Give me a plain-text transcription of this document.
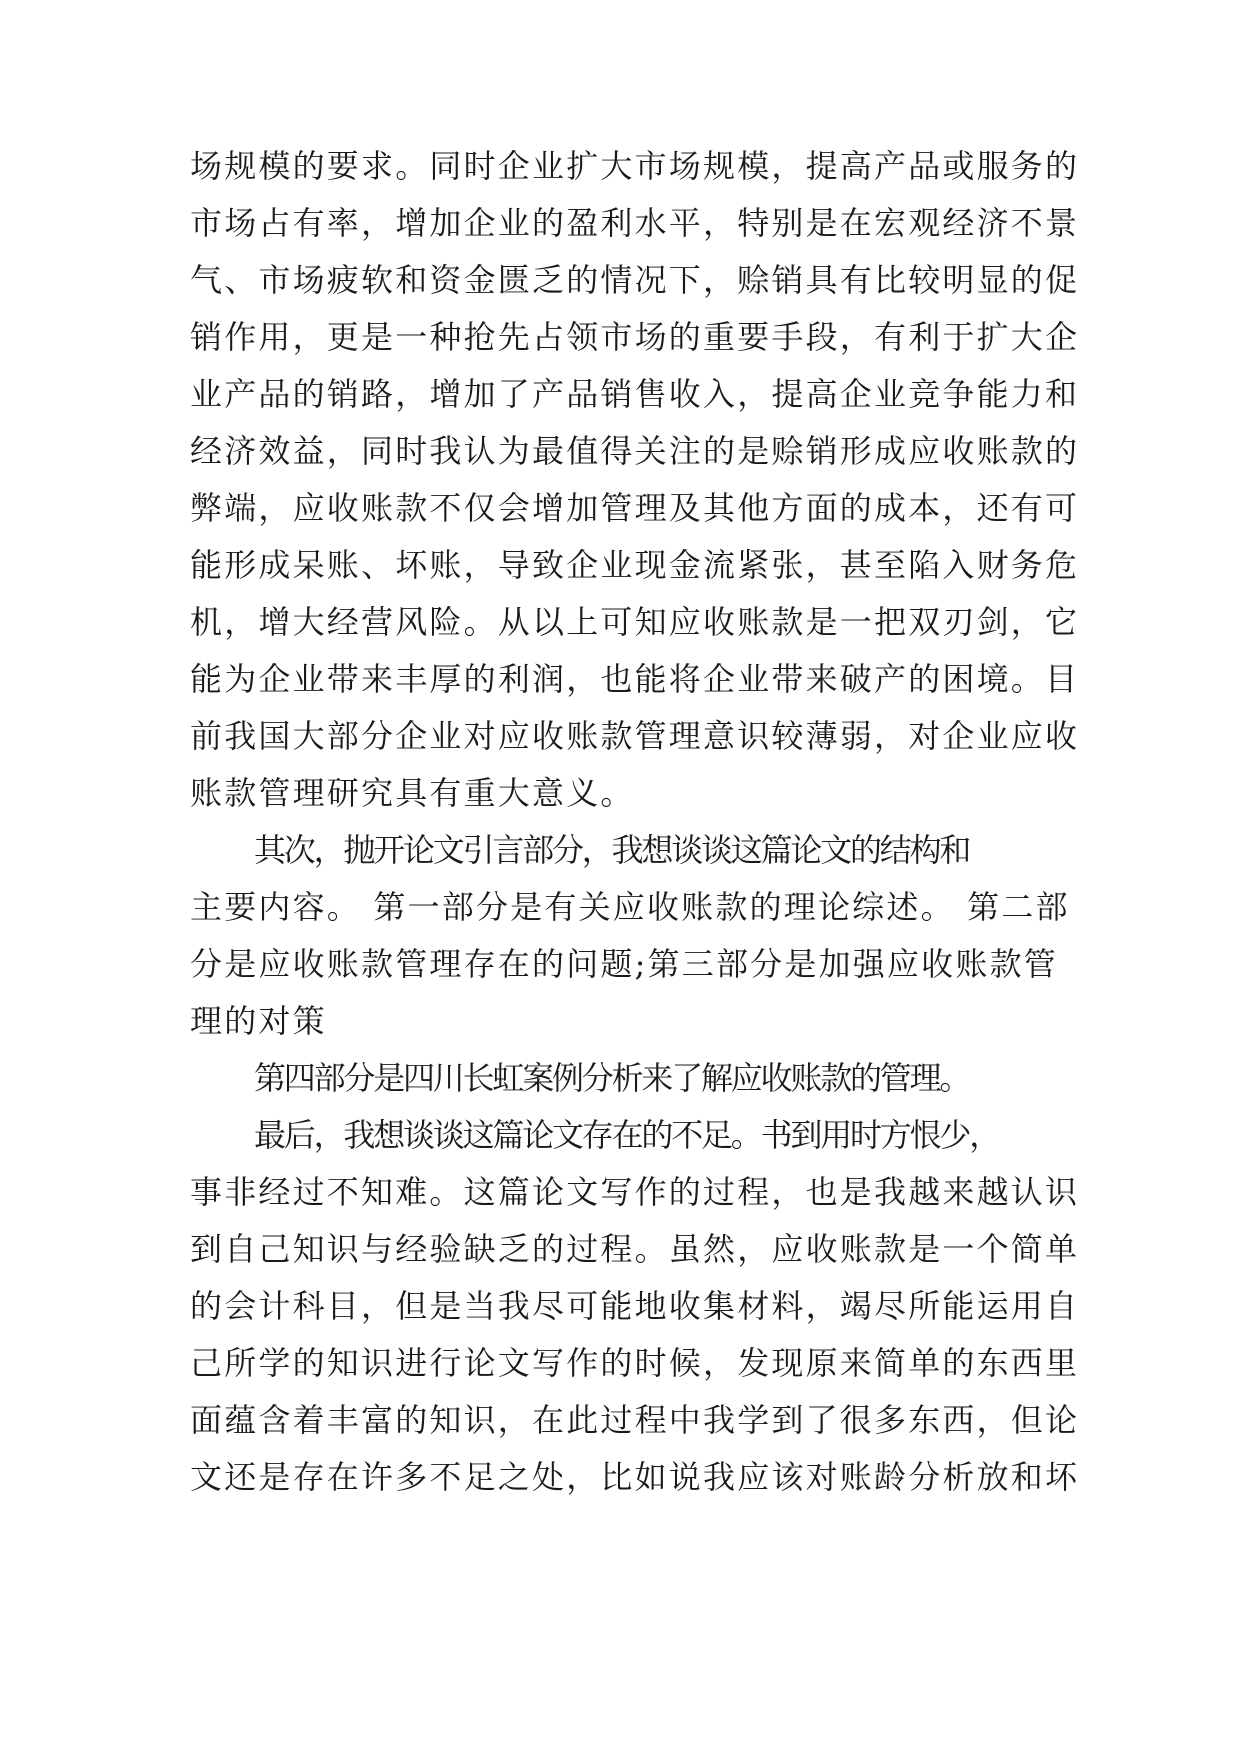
场规模的要求。同时企业扩大市场规模，提高产品或服务的
市场占有率，增加企业的盈利水平，特别是在宏观经济不景
气、市场疲软和资金匮乏的情况下，赊销具有比较明显的促
销作用，更是一种抢先占领市场的重要手段，有利于扩大企
业产品的销路，增加了产品销售收入，提高企业竞争能力和
经济效益，同时我认为最值得关注的是赊销形成应收账款的
弊端，应收账款不仅会增加管理及其他方面的成本，还有可
能形成呆账、坏账，导致企业现金流紧张，甚至陷入财务危
机，增大经营风险。从以上可知应收账款是一把双刃剑，它
能为企业带来丰厚的利润，也能将企业带来破产的困境。目
前我国大部分企业对应收账款管理意识较薄弱，对企业应收
账款管理研究具有重大意义。
其次，抛开论文引言部分，我想谈谈这篇论文的结构和
主要内容。 第一部分是有关应收账款的理论综述。 第二部
分是应收账款管理存在的问题;第三部分是加强应收账款管
理的对策
第四部分是四川长虹案例分析来了解应收账款的管理。
最后，我想谈谈这篇论文存在的不足。书到用时方恨少，
事非经过不知难。这篇论文写作的过程，也是我越来越认识
到自己知识与经验缺乏的过程。虽然，应收账款是一个简单
的会计科目，但是当我尽可能地收集材料，竭尽所能运用自
己所学的知识进行论文写作的时候，发现原来简单的东西里
面蕴含着丰富的知识，在此过程中我学到了很多东西，但论
文还是存在许多不足之处，比如说我应该对账龄分析放和坏
